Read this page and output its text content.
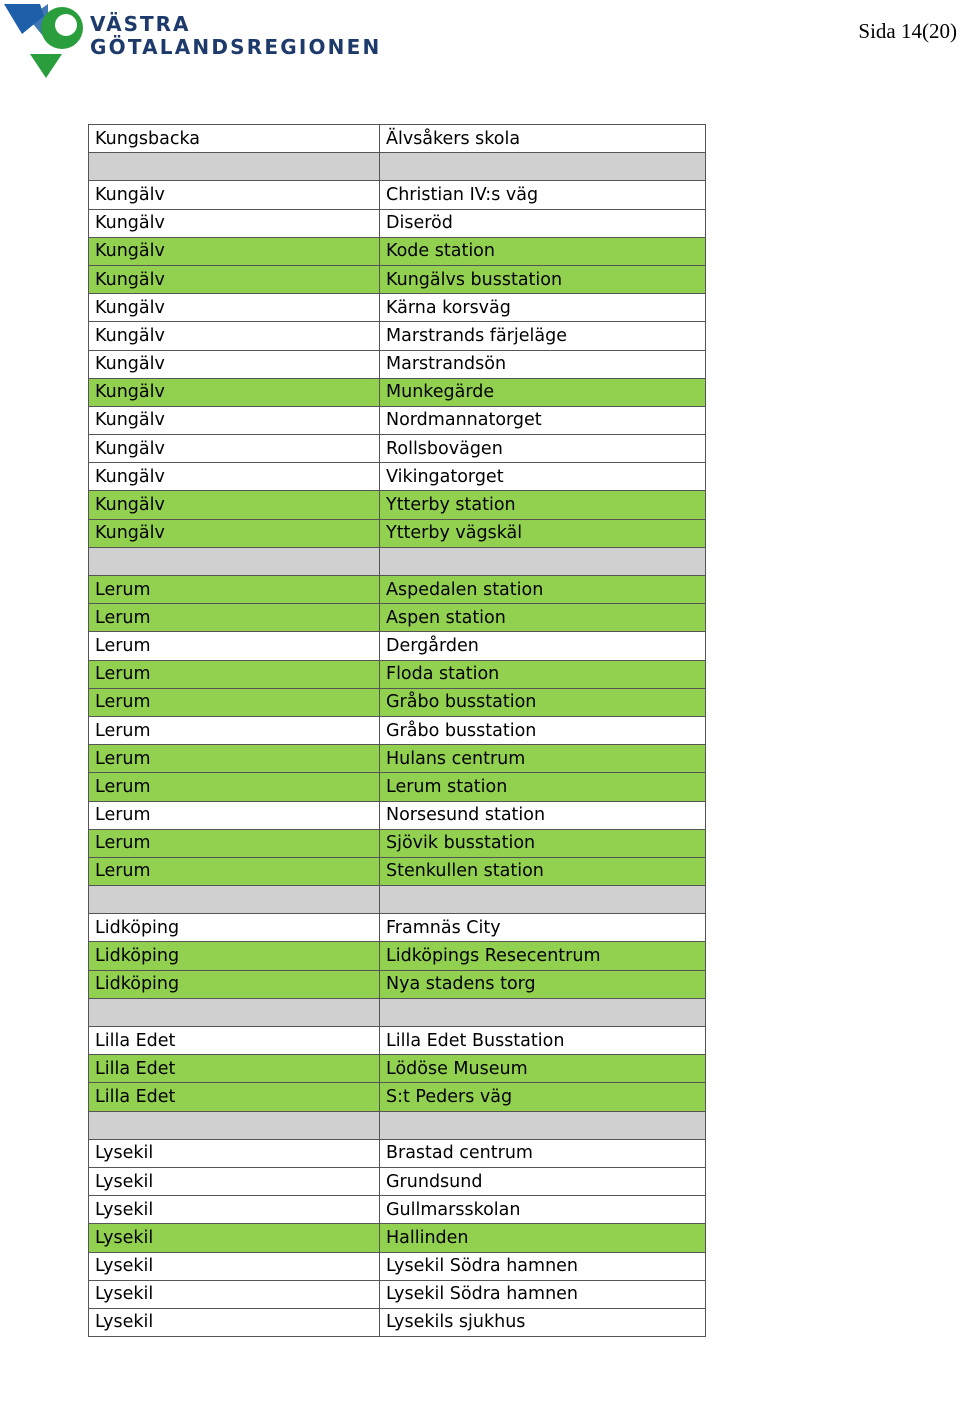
VÄSTRA
GÖTALANDSREGIONEN
Sida 14(20)
Kungsbacka	Älvsåkers skola

Kungälv	Christian IV:s väg
Kungälv	Diseröd
Kungälv	Kode station
Kungälv	Kungälvs busstation
Kungälv	Kärna korsväg
Kungälv	Marstrands färjeläge
Kungälv	Marstrandsön
Kungälv	Munkegärde
Kungälv	Nordmannatorget
Kungälv	Rollsbovägen
Kungälv	Vikingatorget
Kungälv	Ytterby station
Kungälv	Ytterby vägskäl

Lerum	Aspedalen station
Lerum	Aspen station
Lerum	Dergården
Lerum	Floda station
Lerum	Gråbo busstation
Lerum	Gråbo busstation
Lerum	Hulans centrum
Lerum	Lerum station
Lerum	Norsesund station
Lerum	Sjövik busstation
Lerum	Stenkullen station

Lidköping	Framnäs City
Lidköping	Lidköpings Resecentrum
Lidköping	Nya stadens torg

Lilla Edet	Lilla Edet Busstation
Lilla Edet	Lödöse Museum
Lilla Edet	S:t Peders väg

Lysekil	Brastad centrum
Lysekil	Grundsund
Lysekil	Gullmarsskolan
Lysekil	Hallinden
Lysekil	Lysekil Södra hamnen
Lysekil	Lysekil Södra hamnen
Lysekil	Lysekils sjukhus
